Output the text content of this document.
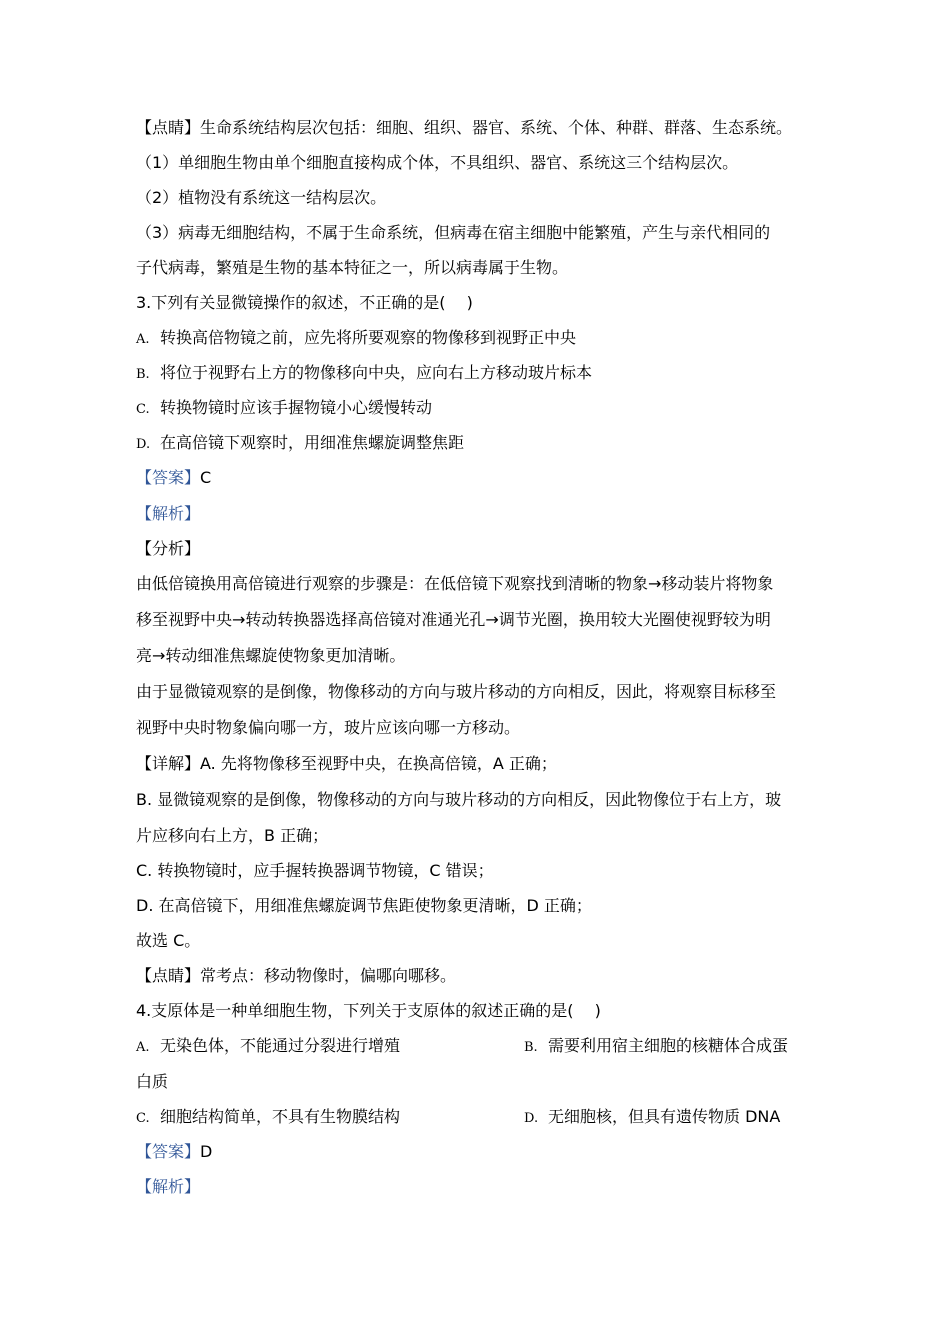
【点睛】生命系统结构层次包括：细胞、组织、器官、系统、个体、种群、群落、生态系统。
（1）单细胞生物由单个细胞直接构成个体，不具组织、器官、系统这三个结构层次。
（2）植物没有系统这一结构层次。
（3）病毒无细胞结构，不属于生命系统，但病毒在宿主细胞中能繁殖，产生与亲代相同的
子代病毒，繁殖是生物的基本特征之一，所以病毒属于生物。
3.下列有关显微镜操作的叙述，不正确的是(　 )
A. 转换高倍物镜之前，应先将所要观察的物像移到视野正中央
B. 将位于视野右上方的物像移向中央，应向右上方移动玻片标本
C. 转换物镜时应该手握物镜小心缓慢转动
D. 在高倍镜下观察时，用细准焦螺旋调整焦距
【答案】C
【解析】
【分析】
由低倍镜换用高倍镜进行观察的步骤是：在低倍镜下观察找到清晰的物象→移动装片将物象
移至视野中央→转动转换器选择高倍镜对准通光孔→调节光圈，换用较大光圈使视野较为明
亮→转动细准焦螺旋使物象更加清晰。
由于显微镜观察的是倒像，物像移动的方向与玻片移动的方向相反，因此，将观察目标移至
视野中央时物象偏向哪一方，玻片应该向哪一方移动。
【详解】A. 先将物像移至视野中央，在换高倍镜，A 正确；
B. 显微镜观察的是倒像，物像移动的方向与玻片移动的方向相反，因此物像位于右上方，玻
片应移向右上方，B 正确；
C. 转换物镜时，应手握转换器调节物镜，C 错误；
D. 在高倍镜下，用细准焦螺旋调节焦距使物象更清晰，D 正确；
故选 C。
【点睛】常考点：移动物像时，偏哪向哪移。
4.支原体是一种单细胞生物，下列关于支原体的叙述正确的是(　 )
A. 无染色体，不能通过分裂进行增殖	B. 需要利用宿主细胞的核糖体合成蛋
白质
C. 细胞结构简单，不具有生物膜结构	D. 无细胞核，但具有遗传物质 DNA
【答案】D
【解析】
